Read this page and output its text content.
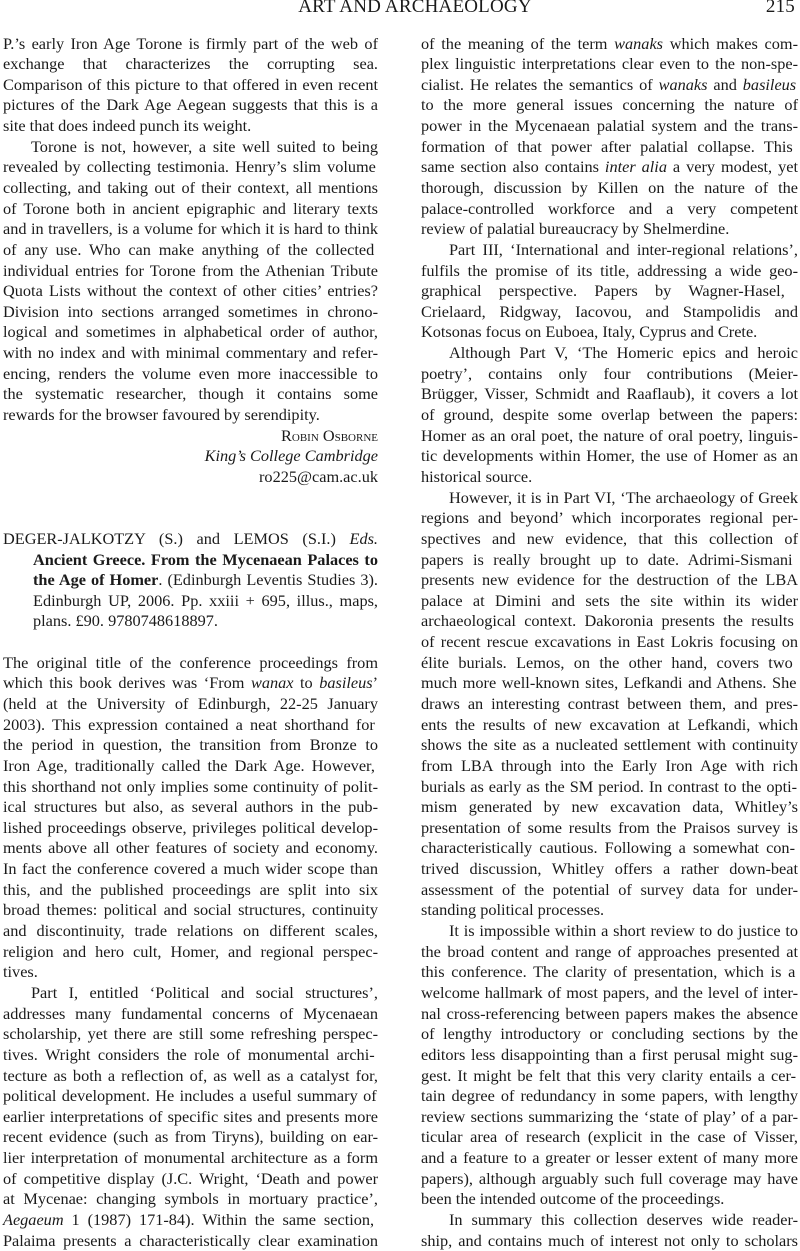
ART AND ARCHAEOLOGY	215
P.’s early Iron Age Torone is firmly part of the web of
exchange that characterizes the corrupting sea.
Comparison of this picture to that offered in even recent
pictures of the Dark Age Aegean suggests that this is a
site that does indeed punch its weight.
Torone is not, however, a site well suited to being
revealed by collecting testimonia. Henry’s slim volume
collecting, and taking out of their context, all mentions
of Torone both in ancient epigraphic and literary texts
and in travellers, is a volume for which it is hard to think
of any use. Who can make anything of the collected
individual entries for Torone from the Athenian Tribute
Quota Lists without the context of other cities’ entries?
Division into sections arranged sometimes in chrono-
logical and sometimes in alphabetical order of author,
with no index and with minimal commentary and refer-
encing, renders the volume even more inaccessible to
the systematic researcher, though it contains some
rewards for the browser favoured by serendipity.
Robin Osborne
King’s College Cambridge
ro225@cam.ac.uk
DEGER-JALKOTZY (S.) and LEMOS (S.I.) Eds.
Ancient Greece. From the Mycenaean Palaces to
the Age of Homer. (Edinburgh Leventis Studies 3).
Edinburgh UP, 2006. Pp. xxiii + 695, illus., maps,
plans. £90. 9780748618897.
The original title of the conference proceedings from
which this book derives was ‘From wanax to basileus’
(held at the University of Edinburgh, 22-25 January
2003). This expression contained a neat shorthand for
the period in question, the transition from Bronze to
Iron Age, traditionally called the Dark Age. However,
this shorthand not only implies some continuity of polit-
ical structures but also, as several authors in the pub-
lished proceedings observe, privileges political develop-
ments above all other features of society and economy.
In fact the conference covered a much wider scope than
this, and the published proceedings are split into six
broad themes: political and social structures, continuity
and discontinuity, trade relations on different scales,
religion and hero cult, Homer, and regional perspec-
tives.
Part I, entitled ‘Political and social structures’,
addresses many fundamental concerns of Mycenaean
scholarship, yet there are still some refreshing perspec-
tives. Wright considers the role of monumental archi-
tecture as both a reflection of, as well as a catalyst for,
political development. He includes a useful summary of
earlier interpretations of specific sites and presents more
recent evidence (such as from Tiryns), building on ear-
lier interpretation of monumental architecture as a form
of competitive display (J.C. Wright, ‘Death and power
at Mycenae: changing symbols in mortuary practice’,
Aegaeum 1 (1987) 171-84). Within the same section,
Palaima presents a characteristically clear examination
of the meaning of the term wanaks which makes com-
plex linguistic interpretations clear even to the non-spe-
cialist. He relates the semantics of wanaks and basileus
to the more general issues concerning the nature of
power in the Mycenaean palatial system and the trans-
formation of that power after palatial collapse. This
same section also contains inter alia a very modest, yet
thorough, discussion by Killen on the nature of the
palace-controlled workforce and a very competent
review of palatial bureaucracy by Shelmerdine.
Part III, ‘International and inter-regional relations’,
fulfils the promise of its title, addressing a wide geo-
graphical perspective. Papers by Wagner-Hasel,
Crielaard, Ridgway, Iacovou, and Stampolidis and
Kotsonas focus on Euboea, Italy, Cyprus and Crete.
Although Part V, ‘The Homeric epics and heroic
poetry’, contains only four contributions (Meier-
Brügger, Visser, Schmidt and Raaflaub), it covers a lot
of ground, despite some overlap between the papers:
Homer as an oral poet, the nature of oral poetry, linguis-
tic developments within Homer, the use of Homer as an
historical source.
However, it is in Part VI, ‘The archaeology of Greek
regions and beyond’ which incorporates regional per-
spectives and new evidence, that this collection of
papers is really brought up to date. Adrimi-Sismani
presents new evidence for the destruction of the LBA
palace at Dimini and sets the site within its wider
archaeological context. Dakoronia presents the results
of recent rescue excavations in East Lokris focusing on
élite burials. Lemos, on the other hand, covers two
much more well-known sites, Lefkandi and Athens. She
draws an interesting contrast between them, and pres-
ents the results of new excavation at Lefkandi, which
shows the site as a nucleated settlement with continuity
from LBA through into the Early Iron Age with rich
burials as early as the SM period. In contrast to the opti-
mism generated by new excavation data, Whitley’s
presentation of some results from the Praisos survey is
characteristically cautious. Following a somewhat con-
trived discussion, Whitley offers a rather down-beat
assessment of the potential of survey data for under-
standing political processes.
It is impossible within a short review to do justice to
the broad content and range of approaches presented at
this conference. The clarity of presentation, which is a
welcome hallmark of most papers, and the level of inter-
nal cross-referencing between papers makes the absence
of lengthy introductory or concluding sections by the
editors less disappointing than a first perusal might sug-
gest. It might be felt that this very clarity entails a cer-
tain degree of redundancy in some papers, with lengthy
review sections summarizing the ‘state of play’ of a par-
ticular area of research (explicit in the case of Visser,
and a feature to a greater or lesser extent of many more
papers), although arguably such full coverage may have
been the intended outcome of the proceedings.
In summary this collection deserves wide reader-
ship, and contains much of interest not only to scholars
